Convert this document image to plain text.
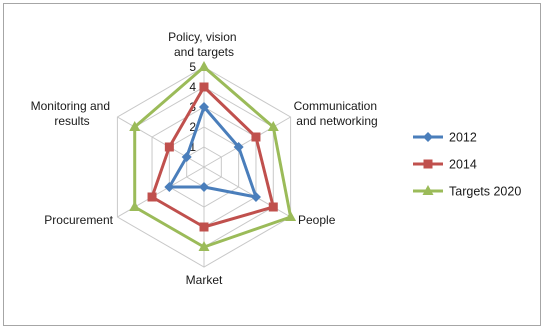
1
2
3
4
5
Policy, vision and targets
Communication and networking
People
Market
Procurement
Monitoring and results
2012
2014
Targets 2020
